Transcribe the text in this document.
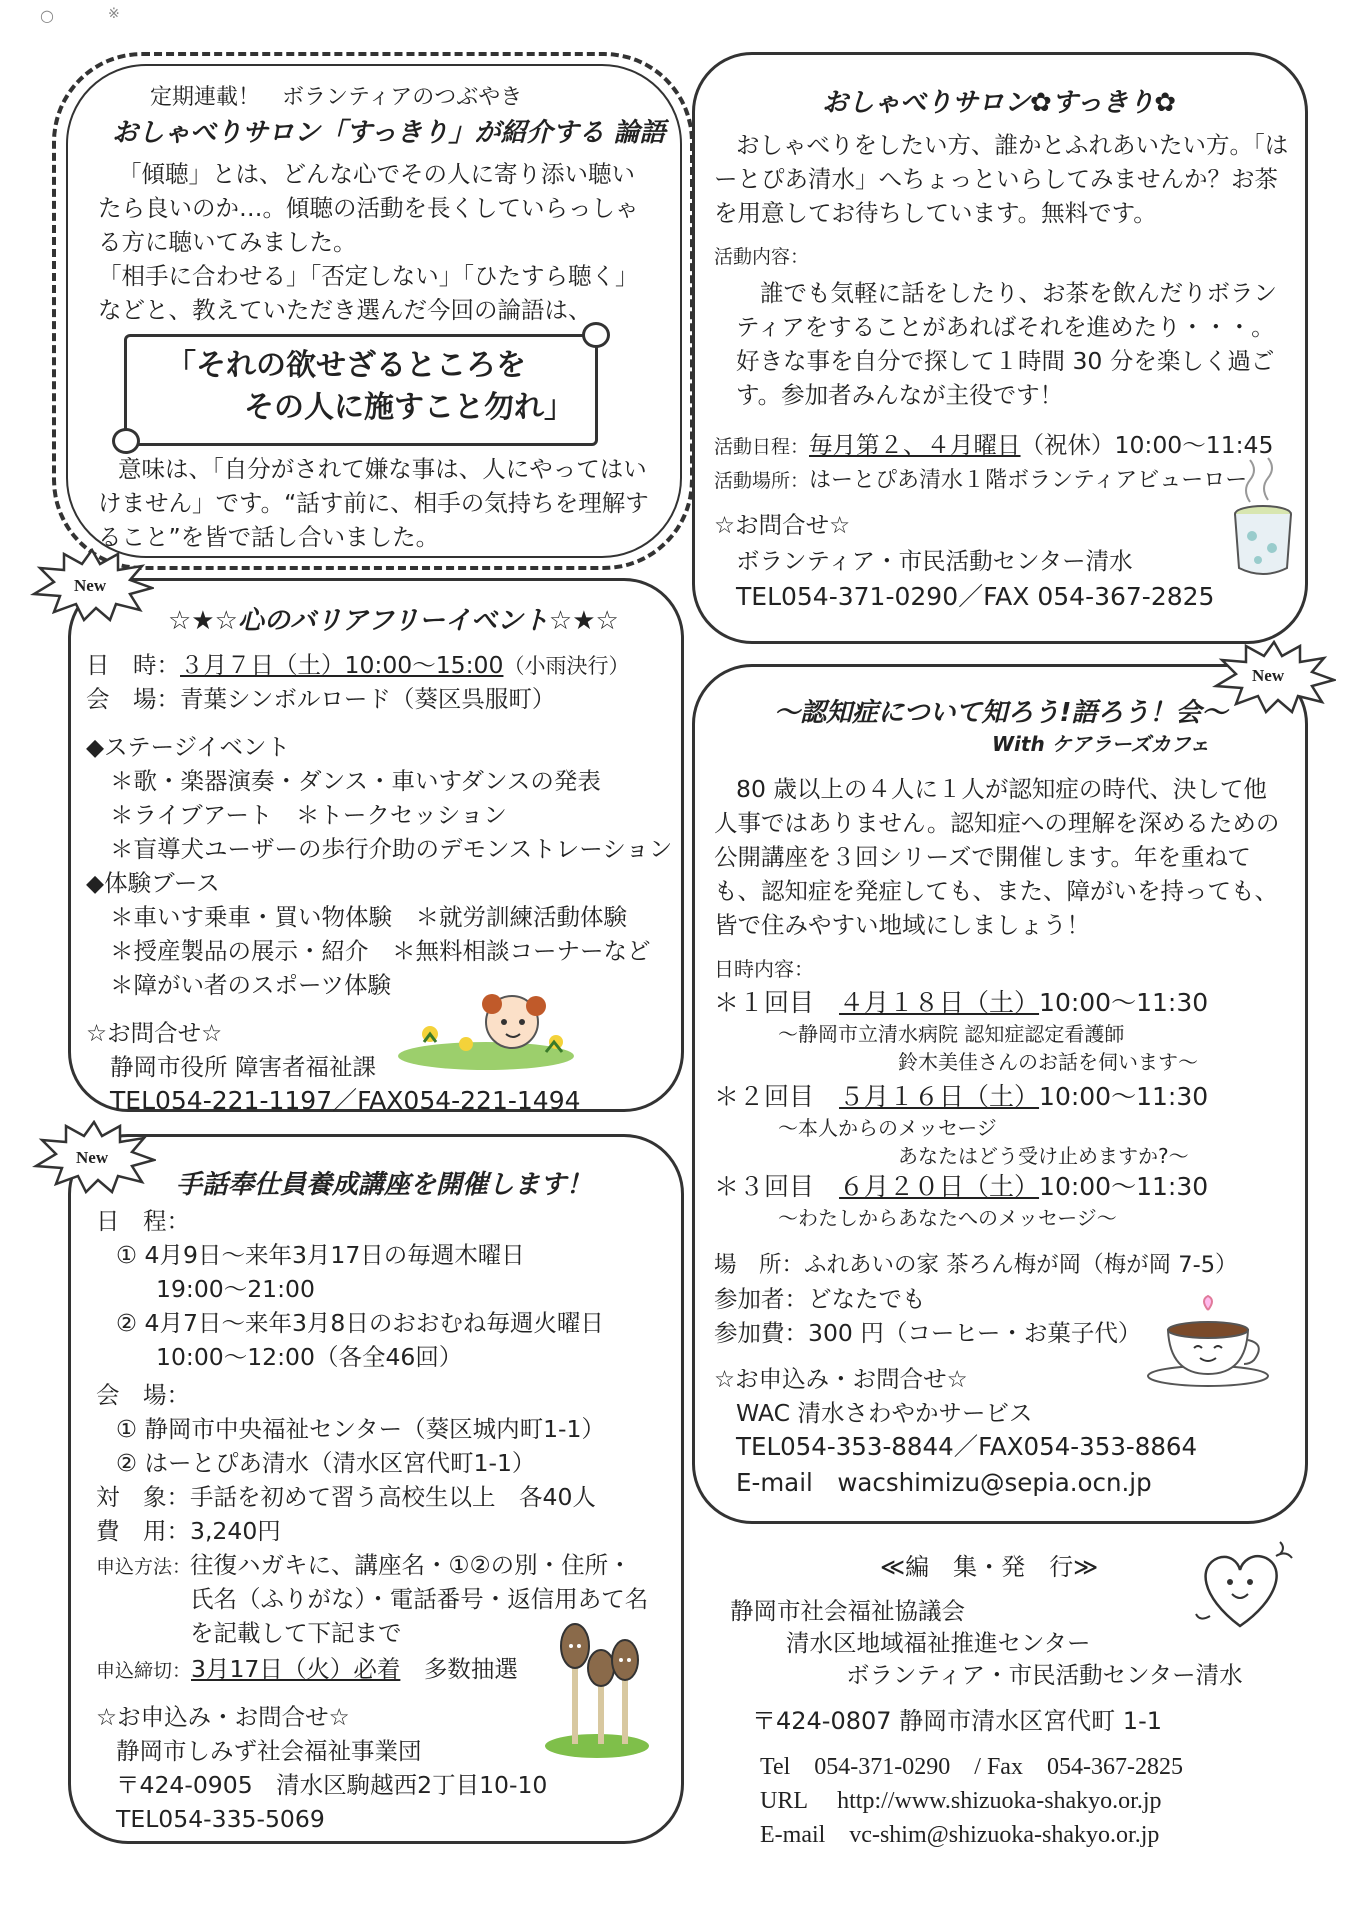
○	※
定期連載！　ボランティアのつぶやき
おしゃべりサロン「すっきり」が紹介する 論語
「傾聴」とは、どんな心でその人に寄り添い聴い
たら良いのか…。傾聴の活動を長くしていらっしゃ
る方に聴いてみました。
「相手に合わせる」「否定しない」「ひたすら聴く」
などと、教えていただき選んだ今回の論語は、
「それの欲せざるところを
その人に施すこと勿れ」
意味は、「自分がされて嫌な事は、人にやってはい
けません」です。“話す前に、相手の気持ちを理解す
ること”を皆で話し合いました。
おしゃべりサロン✿すっきり✿
おしゃべりをしたい方、誰かとふれあいたい方。「は
ーとぴあ清水」へちょっといらしてみませんか？お茶
を用意してお待ちしています。無料です。
活動内容：
誰でも気軽に話をしたり、お茶を飲んだりボラン
ティアをすることがあればそれを進めたり・・・。
好きな事を自分で探して１時間 30 分を楽しく過ご
す。参加者みんなが主役です！
活動日程：毎月第２、４月曜日（祝休）10:00～11:45
活動場所：はーとぴあ清水１階ボランティアビューロー
☆お問合せ☆
ボランティア・市民活動センター清水
TEL054-371-0290／FAX 054-367-2825
New
☆★☆心のバリアフリーイベント☆★☆
日　時：３月７日（土）10:00～15:00（小雨決行）
会　場：青葉シンボルロード（葵区呉服町）
◆ステージイベント
＊歌・楽器演奏・ダンス・車いすダンスの発表
＊ライブアート　＊トークセッション
＊盲導犬ユーザーの歩行介助のデモンストレーション
◆体験ブース
＊車いす乗車・買い物体験　＊就労訓練活動体験
＊授産製品の展示・紹介　＊無料相談コーナーなど
＊障がい者のスポーツ体験
☆お問合せ☆
静岡市役所 障害者福祉課
TEL054-221-1197／FAX054-221-1494
New
～認知症について知ろう!語ろう！会～
With ケアラーズカフェ
80 歳以上の４人に１人が認知症の時代、決して他
人事ではありません。認知症への理解を深めるための
公開講座を３回シリーズで開催します。年を重ねて
も、認知症を発症しても、また、障がいを持っても、
皆で住みやすい地域にしましょう！
日時内容：
＊１回目　 ４月１８日（土）10:00～11:30
～静岡市立清水病院 認知症認定看護師
鈴木美佳さんのお話を伺います～
＊２回目　 ５月１６日（土）10:00～11:30
～本人からのメッセージ
あなたはどう受け止めますか?～
＊３回目　 ６月２０日（土）10:00～11:30
～わたしからあなたへのメッセージ～
場　所：ふれあいの家 茶ろん梅が岡（梅が岡 7-5）
参加者：どなたでも
参加費：300 円（コーヒー・お菓子代）
☆お申込み・お問合せ☆
WAC 清水さわやかサービス
TEL054-353-8844／FAX054-353-8864
E-mail　wacshimizu@sepia.ocn.jp
New
手話奉仕員養成講座を開催します！
日　程：
① 4月9日～来年3月17日の毎週木曜日
19:00～21:00
② 4月7日～来年3月8日のおおむね毎週火曜日
10:00～12:00（各全46回）
会　場：
① 静岡市中央福祉センター（葵区城内町1-1）
② はーとぴあ清水（清水区宮代町1-1）
対　象：手話を初めて習う高校生以上　各40人
費　用：3,240円
申込方法：
往復ハガキに、講座名・①②の別・住所・
氏名（ふりがな）・電話番号・返信用あて名
を記載して下記まで
申込締切：3月17日（火）必着　 多数抽選
☆お申込み・お問合せ☆
静岡市しみず社会福祉事業団
〒424-0905　清水区駒越西2丁目10-10
TEL054-335-5069
≪編　集・発　行≫
静岡市社会福祉協議会
清水区地域福祉推進センター
ボランティア・市民活動センター清水
〒424-0807 静岡市清水区宮代町 1-1
Tel　054-371-0290　/ Fax　054-367-2825
URL　 http://www.shizuoka-shakyo.or.jp
E-mail　vc-shim@shizuoka-shakyo.or.jp
